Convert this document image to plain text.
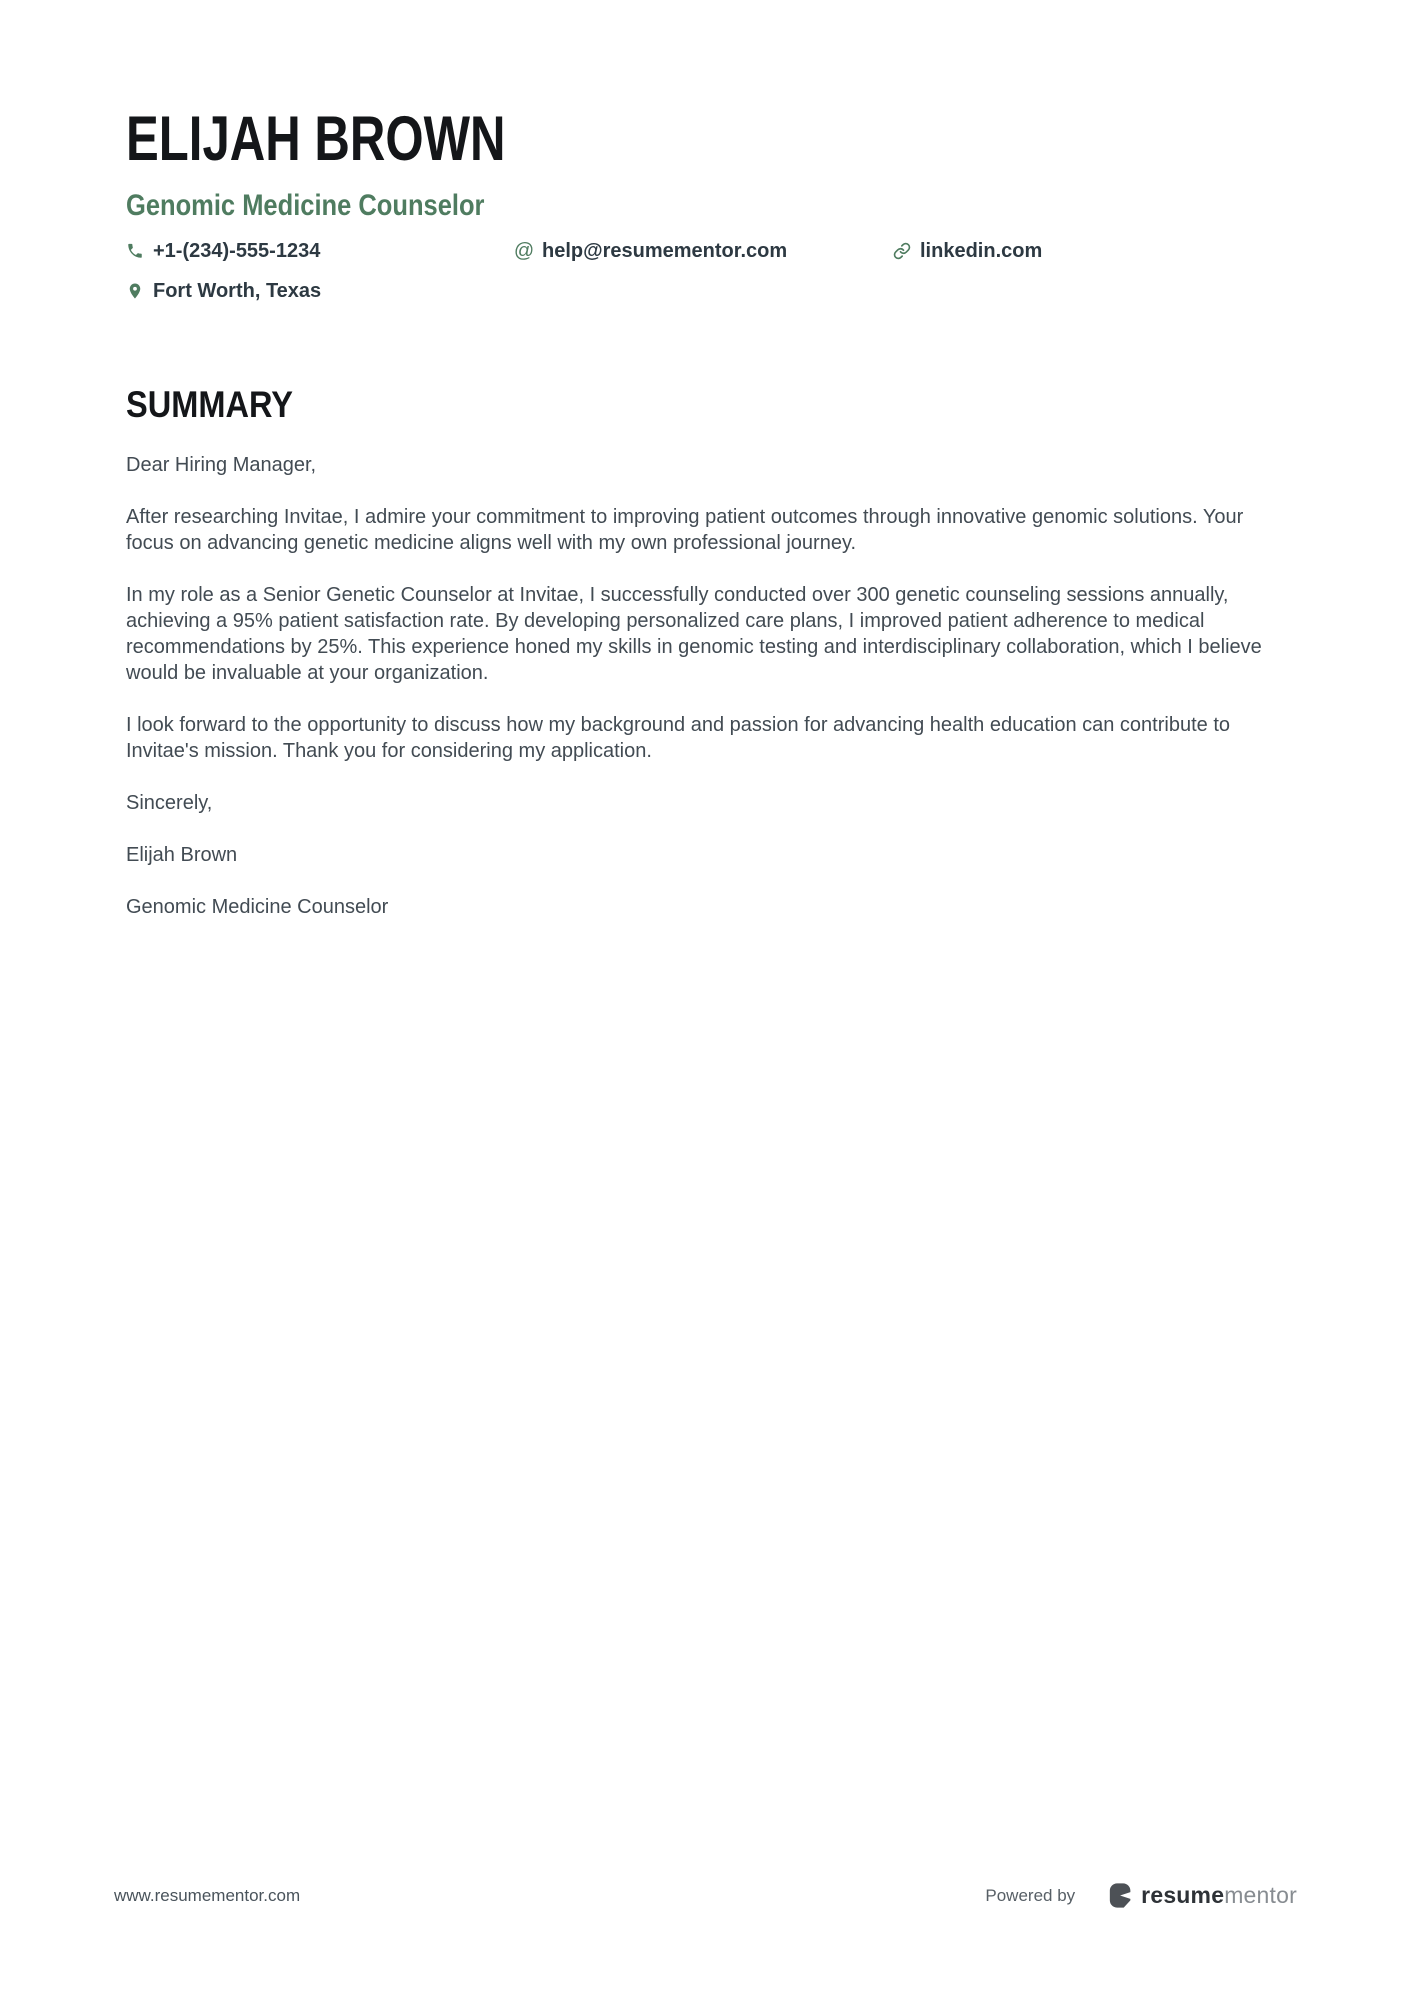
ELIJAH BROWN
Genomic Medicine Counselor
+1-(234)-555-1234	@ help@resumementor.com	linkedin.com
Fort Worth, Texas
SUMMARY

Dear Hiring Manager,

After researching Invitae, I admire your commitment to improving patient outcomes through innovative genomic solutions. Your focus on advancing genetic medicine aligns well with my own professional journey.

In my role as a Senior Genetic Counselor at Invitae, I successfully conducted over 300 genetic counseling sessions annually, achieving a 95% patient satisfaction rate. By developing personalized care plans, I improved patient adherence to medical recommendations by 25%. This experience honed my skills in genomic testing and interdisciplinary collaboration, which I believe would be invaluable at your organization.

I look forward to the opportunity to discuss how my background and passion for advancing health education can contribute to Invitae's mission. Thank you for considering my application.

Sincerely,

Elijah Brown

Genomic Medicine Counselor

www.resumementor.com	Powered by	resumementor
